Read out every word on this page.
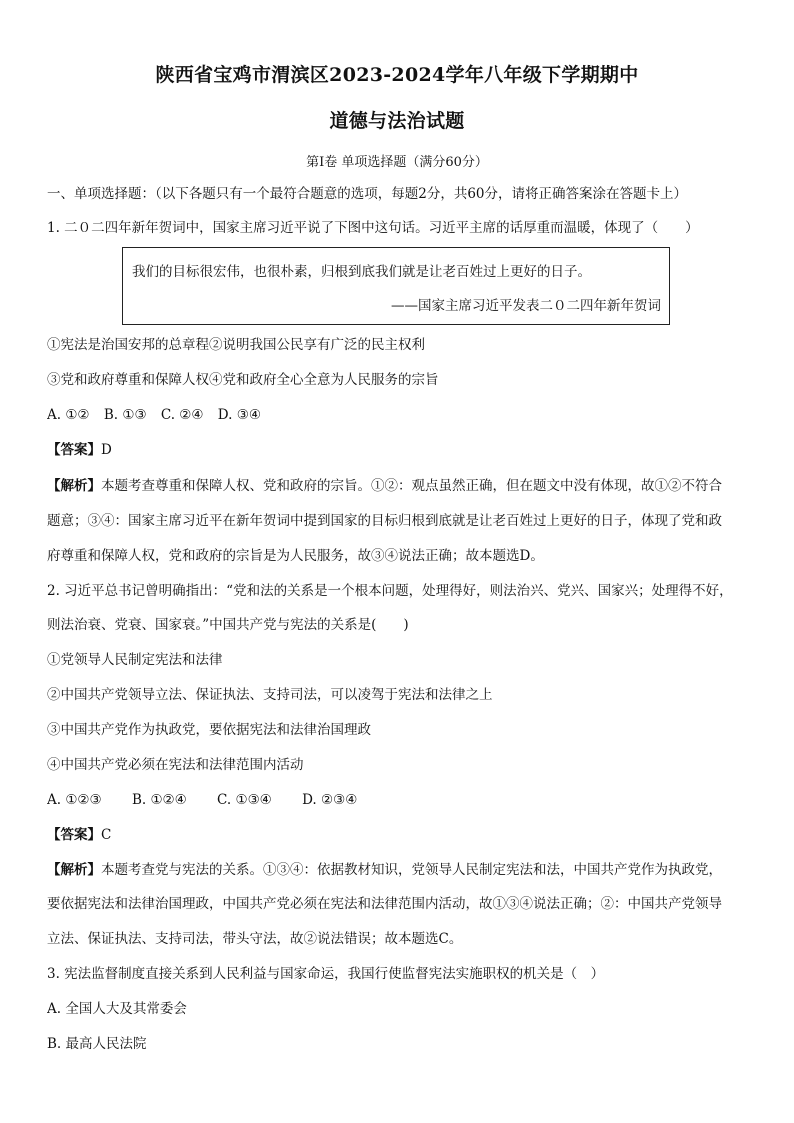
陕西省宝鸡市渭滨区2023-2024学年八年级下学期期中
道德与法治试题
第Ⅰ卷 单项选择题（满分60分）
一、单项选择题：（以下各题只有一个最符合题意的选项，每题2分，共60分，请将正确答案涂在答题卡上）
1. 二０二四年新年贺词中，国家主席习近平说了下图中这句话。习近平主席的话厚重而温暖，体现了（　　）
我们的目标很宏伟，也很朴素，归根到底我们就是让老百姓过上更好的日子。
——国家主席习近平发表二０二四年新年贺词
①宪法是治国安邦的总章程②说明我国公民享有广泛的民主权利
③党和政府尊重和保障人权④党和政府全心全意为人民服务的宗旨
A. ①② B. ①③ C. ②④ D. ③④
【答案】D
【解析】本题考查尊重和保障人权、党和政府的宗旨。①②：观点虽然正确，但在题文中没有体现，故①②不符合
题意；③④：国家主席习近平在新年贺词中提到国家的目标归根到底就是让老百姓过上更好的日子，体现了党和政
府尊重和保障人权，党和政府的宗旨是为人民服务，故③④说法正确；故本题选D。
2. 习近平总书记曾明确指出：“党和法的关系是一个根本问题，处理得好，则法治兴、党兴、国家兴；处理得不好，
则法治衰、党衰、国家衰。”中国共产党与宪法的关系是(　　)
①党领导人民制定宪法和法律
②中国共产党领导立法、保证执法、支持司法，可以凌驾于宪法和法律之上
③中国共产党作为执政党，要依据宪法和法律治国理政
④中国共产党必须在宪法和法律范围内活动
A. ①②③ B. ①②④ C. ①③④ D. ②③④
【答案】C
【解析】本题考查党与宪法的关系。①③④：依据教材知识，党领导人民制定宪法和法，中国共产党作为执政党，
要依据宪法和法律治国理政，中国共产党必须在宪法和法律范围内活动，故①③④说法正确；②：中国共产党领导
立法、保证执法、支持司法，带头守法，故②说法错误；故本题选C。
3. 宪法监督制度直接关系到人民利益与国家命运，我国行使监督宪法实施职权的机关是（　）
A. 全国人大及其常委会
B. 最高人民法院
